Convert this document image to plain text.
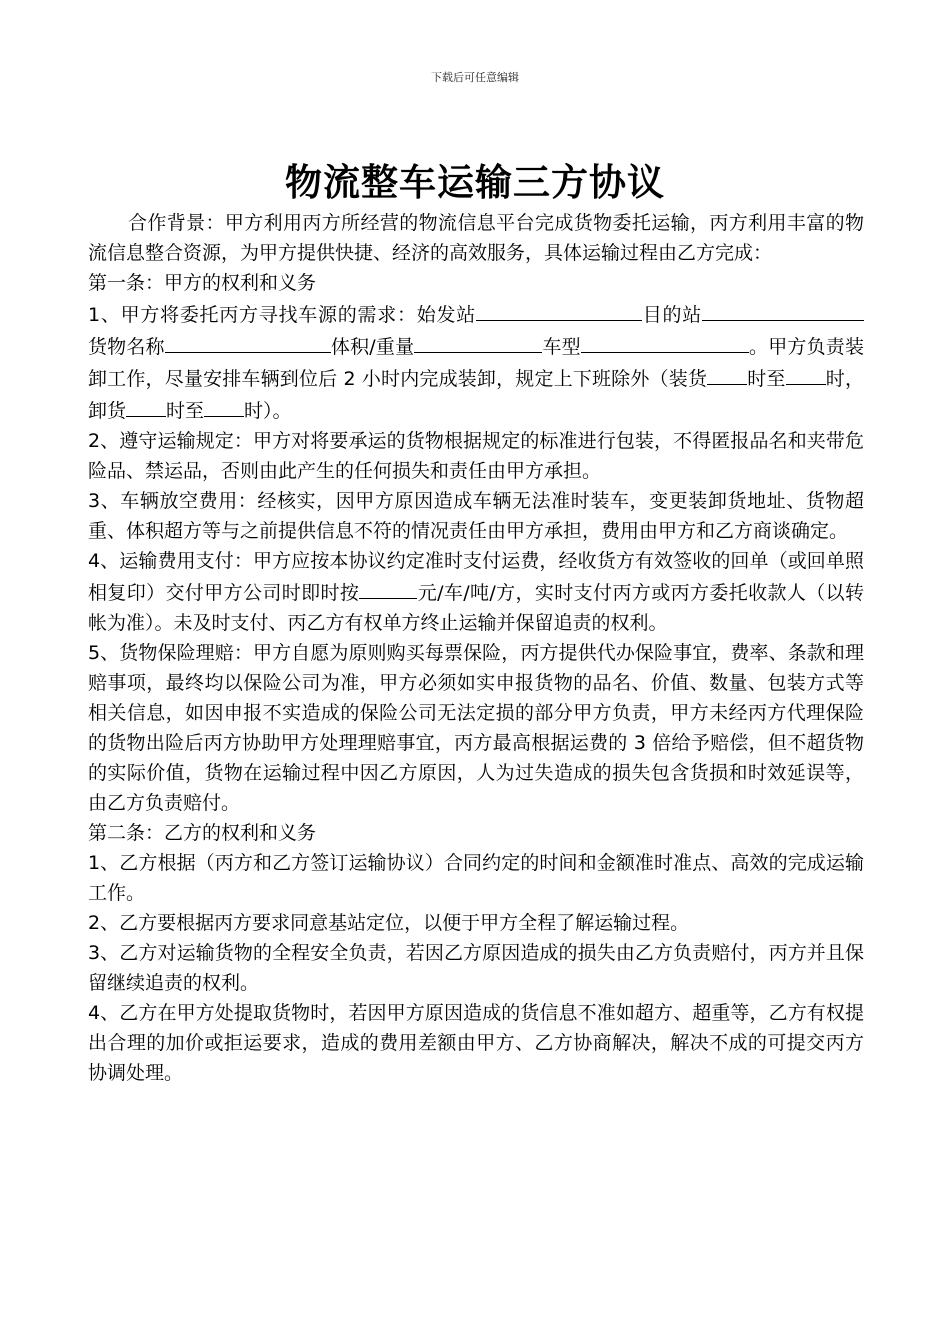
下载后可任意编辑
物流整车运输三方协议

合作背景：甲方利用丙方所经营的物流信息平台完成货物委托运输，丙方利用丰富的物流信息整合资源，为甲方提供快捷、经济的高效服务，具体运输过程由乙方完成：

第一条：甲方的权利和义务

1、甲方将委托丙方寻找车源的需求：始发站	目的站货物名称	体积/重量	车型	。甲方负责装卸工作，尽量安排车辆到位后 2 小时内完成装卸，规定上下班除外（装货 时至 时，卸货 时至 时）。

2、遵守运输规定：甲方对将要承运的货物根据规定的标准进行包装，不得匿报品名和夹带危险品、禁运品，否则由此产生的任何损失和责任由甲方承担。

3、车辆放空费用：经核实，因甲方原因造成车辆无法准时装车，变更装卸货地址、货物超重、体积超方等与之前提供信息不符的情况责任由甲方承担，费用由甲方和乙方商谈确定。

4、运输费用支付：甲方应按本协议约定准时支付运费，经收货方有效签收的回单（或回单照相复印）交付甲方公司时即时按	元/车/吨/方，实时支付丙方或丙方委托收款人（以转帐为准）。未及时支付、丙乙方有权单方终止运输并保留追责的权利。

5、货物保险理赔：甲方自愿为原则购买每票保险，丙方提供代办保险事宜，费率、条款和理赔事项，最终均以保险公司为准，甲方必须如实申报货物的品名、价值、数量、包装方式等相关信息，如因申报不实造成的保险公司无法定损的部分甲方负责，甲方未经丙方代理保险的货物出险后丙方协助甲方处理理赔事宜，丙方最高根据运费的 3 倍给予赔偿，但不超货物的实际价值，货物在运输过程中因乙方原因，人为过失造成的损失包含货损和时效延误等，由乙方负责赔付。

第二条：乙方的权利和义务

1、乙方根据（丙方和乙方签订运输协议）合同约定的时间和金额准时准点、高效的完成运输工作。

2、乙方要根据丙方要求同意基站定位，以便于甲方全程了解运输过程。

3、乙方对运输货物的全程安全负责，若因乙方原因造成的损失由乙方负责赔付，丙方并且保留继续追责的权利。

4、乙方在甲方处提取货物时，若因甲方原因造成的货信息不准如超方、超重等，乙方有权提出合理的加价或拒运要求，造成的费用差额由甲方、乙方协商解决，解决不成的可提交丙方协调处理。
